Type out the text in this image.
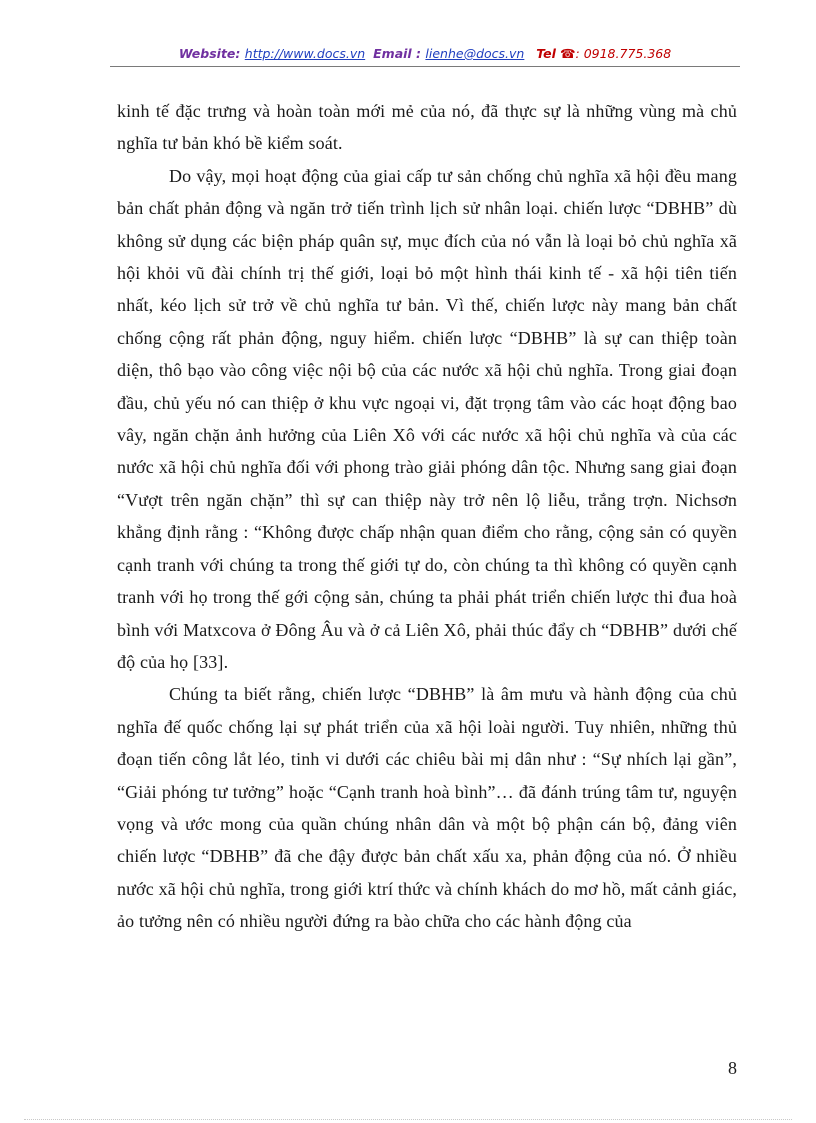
Website: http://www.docs.vn Email : lienhe@docs.vn Tel ☎: 0918.775.368

kinh tế đặc trưng và hoàn toàn mới mẻ của nó, đã thực sự là những vùng mà chủ nghĩa tư bản khó bề kiểm soát.

Do vậy, mọi hoạt động của giai cấp tư sản chống chủ nghĩa xã hội đều mang bản chất phản động và ngăn trở tiến trình lịch sử nhân loại. chiến lược “DBHB” dù không sử dụng các biện pháp quân sự, mục đích của nó vẫn là loại bỏ chủ nghĩa xã hội khỏi vũ đài chính trị thế giới, loại bỏ một hình thái kinh tế - xã hội tiên tiến nhất, kéo lịch sử trở về chủ nghĩa tư bản. Vì thế, chiến lược này mang bản chất chống cộng rất phản động, nguy hiểm. chiến lược “DBHB” là sự can thiệp toàn diện, thô bạo vào công việc nội bộ của các nước xã hội chủ nghĩa. Trong giai đoạn đầu, chủ yếu nó can thiệp ở khu vực ngoại vi, đặt trọng tâm vào các hoạt động bao vây, ngăn chặn ảnh hưởng của Liên Xô với các nước xã hội chủ nghĩa và của các nước xã hội chủ nghĩa đối với phong trào giải phóng dân tộc. Nhưng sang giai đoạn “Vượt trên ngăn chặn” thì sự can thiệp này trở nên lộ liễu, trắng trợn. Nichsơn khẳng định rằng : “Không được chấp nhận quan điểm cho rằng, cộng sản có quyền cạnh tranh với chúng ta trong thế giới tự do, còn chúng ta thì không có quyền cạnh tranh với họ trong thế gới cộng sản, chúng ta phải phát triển chiến lược thi đua hoà bình với Matxcova ở Đông Âu và ở cả Liên Xô, phải thúc đẩy ch “DBHB” dưới chế độ của họ [33].

Chúng ta biết rằng, chiến lược “DBHB” là âm mưu và hành động của chủ nghĩa đế quốc chống lại sự phát triển của xã hội loài người. Tuy nhiên, những thủ đoạn tiến công lắt léo, tinh vi dưới các chiêu bài mị dân như : “Sự nhích lại gần”, “Giải phóng tư tưởng” hoặc “Cạnh tranh hoà bình”… đã đánh trúng tâm tư, nguyện vọng và ước mong của quần chúng nhân dân và một bộ phận cán bộ, đảng viên chiến lược “DBHB” đã che đậy được bản chất xấu xa, phản động của nó. Ở nhiều nước xã hội chủ nghĩa, trong giới ktrí thức và chính khách do mơ hồ, mất cảnh giác, ảo tưởng nên có nhiều người đứng ra bào chữa cho các hành động của

8
